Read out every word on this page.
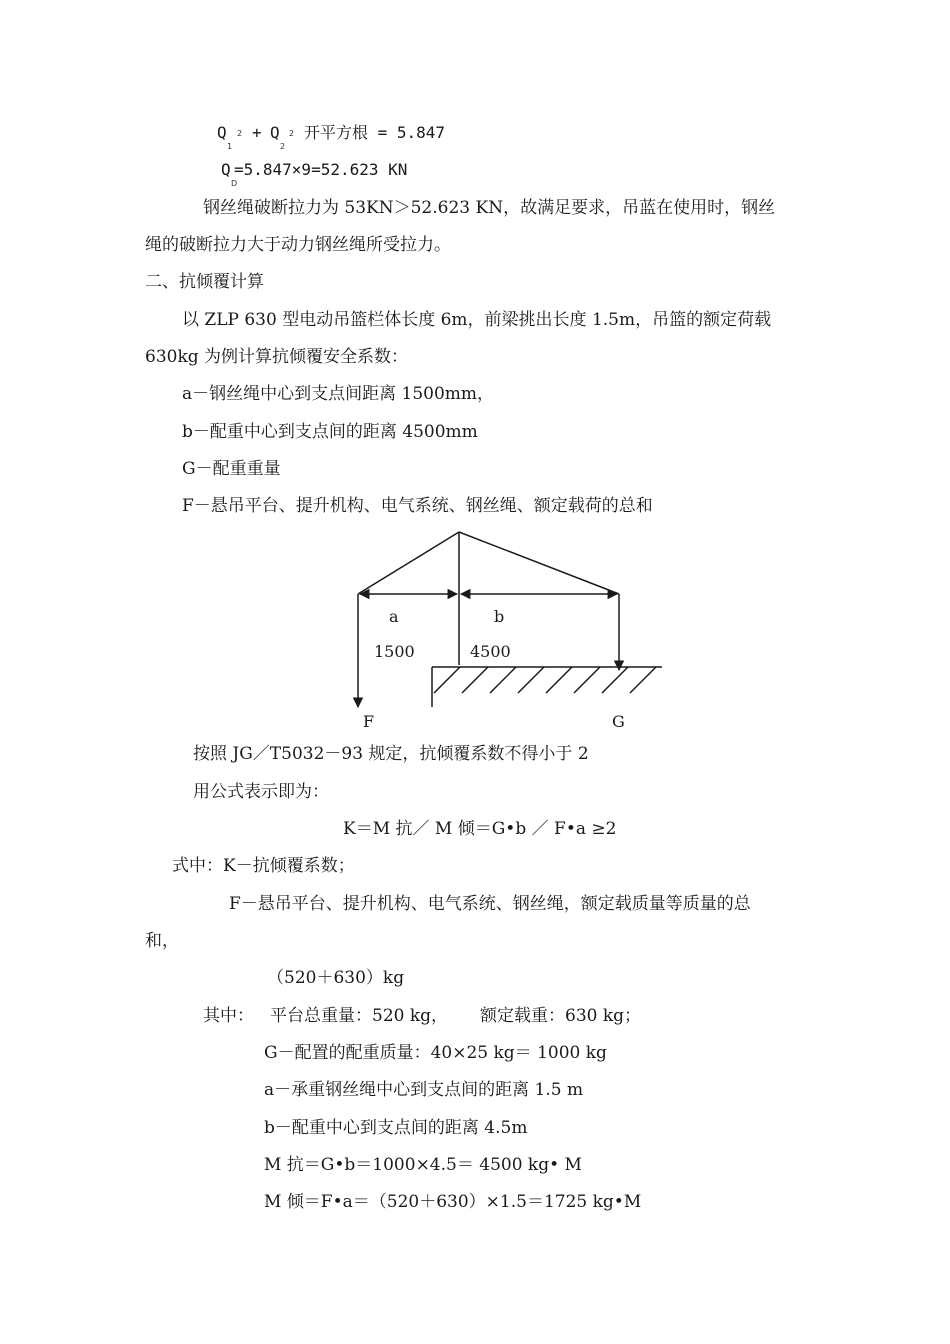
Q 2
1
+ Q 2
2
开平方根 = 5.847
Q
D
=5.847×9=52.623 KN
钢丝绳破断拉力为 53KN＞52.623 KN，故满足要求，吊蓝在使用时，钢丝
绳的破断拉力大于动力钢丝绳所受拉力。
二、抗倾覆计算
以 ZLP 630 型电动吊篮栏体长度 6m，前梁挑出长度 1.5m，吊篮的额定荷载
630kg 为例计算抗倾覆安全系数：
a－钢丝绳中心到支点间距离 1500mm，
b－配重中心到支点间的距离 4500mm
G－配重重量
F－悬吊平台、提升机构、电气系统、钢丝绳、额定载荷的总和
a	b
1500	4500
F	G
按照 JG／T5032－93 规定，抗倾覆系数不得小于 2
用公式表示即为：
K＝M 抗／ M 倾＝G•b ／ F•a ≥2
式中：K－抗倾覆系数；
F－悬吊平台、提升机构、电气系统、钢丝绳，额定载质量等质量的总
和，
（520＋630）kg
其中： 平台总重量：520 kg， 额定载重：630 kg；
G－配置的配重质量：40×25 kg＝ 1000 kg
a－承重钢丝绳中心到支点间的距离 1.5 m
b－配重中心到支点间的距离 4.5m
M 抗＝G•b＝1000×4.5＝ 4500 kg• M
M 倾＝F•a＝（520＋630）×1.5＝1725 kg•M
